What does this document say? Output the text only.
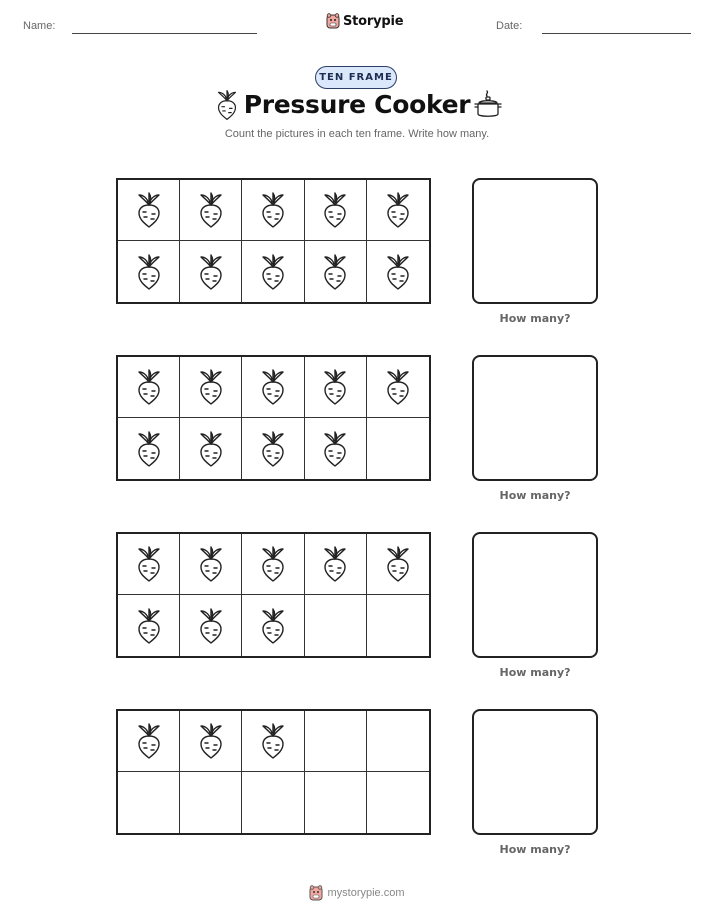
Name:	Storypie	Date:
TEN FRAME
Pressure Cooker
Count the pictures in each ten frame. Write how many.
How many?
How many?
How many?
How many?
mystorypie.com
